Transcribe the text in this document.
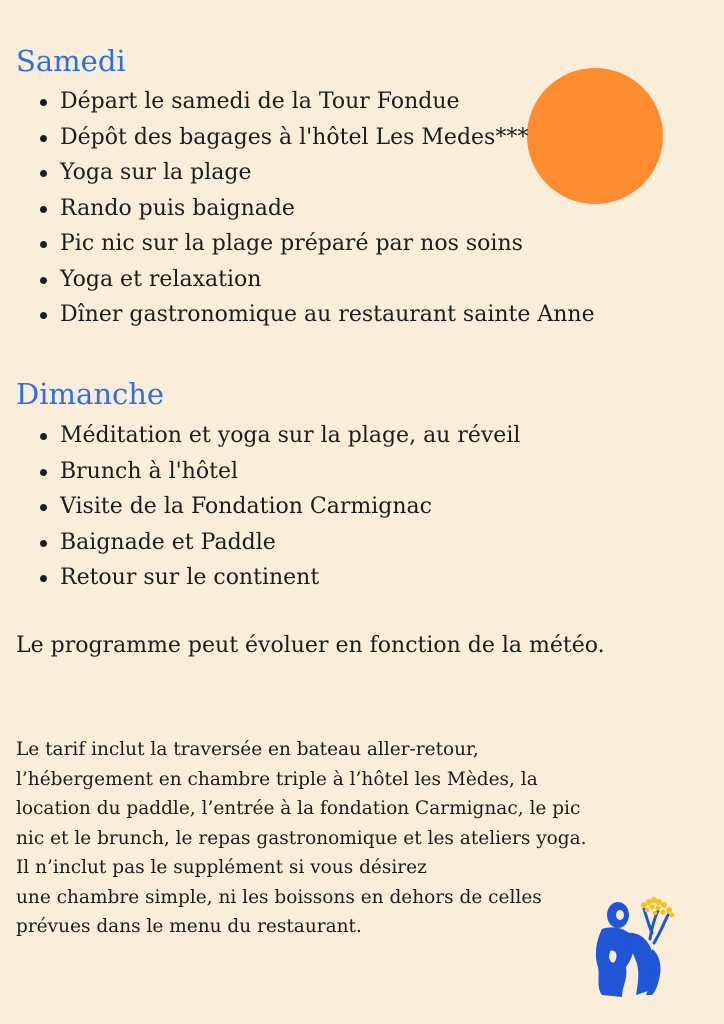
Samedi
Départ le samedi de la Tour Fondue
Dépôt des bagages à l'hôtel Les Medes***
Yoga sur la plage
Rando puis baignade
Pic nic sur la plage préparé par nos soins
Yoga et relaxation
Dîner gastronomique au restaurant sainte Anne
Dimanche
Méditation et yoga sur la plage, au réveil
Brunch à l'hôtel
Visite de la Fondation Carmignac
Baignade et Paddle
Retour sur le continent

Le programme peut évoluer en fonction de la météo.

Le tarif inclut la traversée en bateau aller-retour,
l’hébergement en chambre triple à l’hôtel les Mèdes, la
location du paddle, l’entrée à la fondation Carmignac, le pic
nic et le brunch, le repas gastronomique et les ateliers yoga.
Il n’inclut pas le supplément si vous désirez
une chambre simple, ni les boissons en dehors de celles
prévues dans le menu du restaurant.
